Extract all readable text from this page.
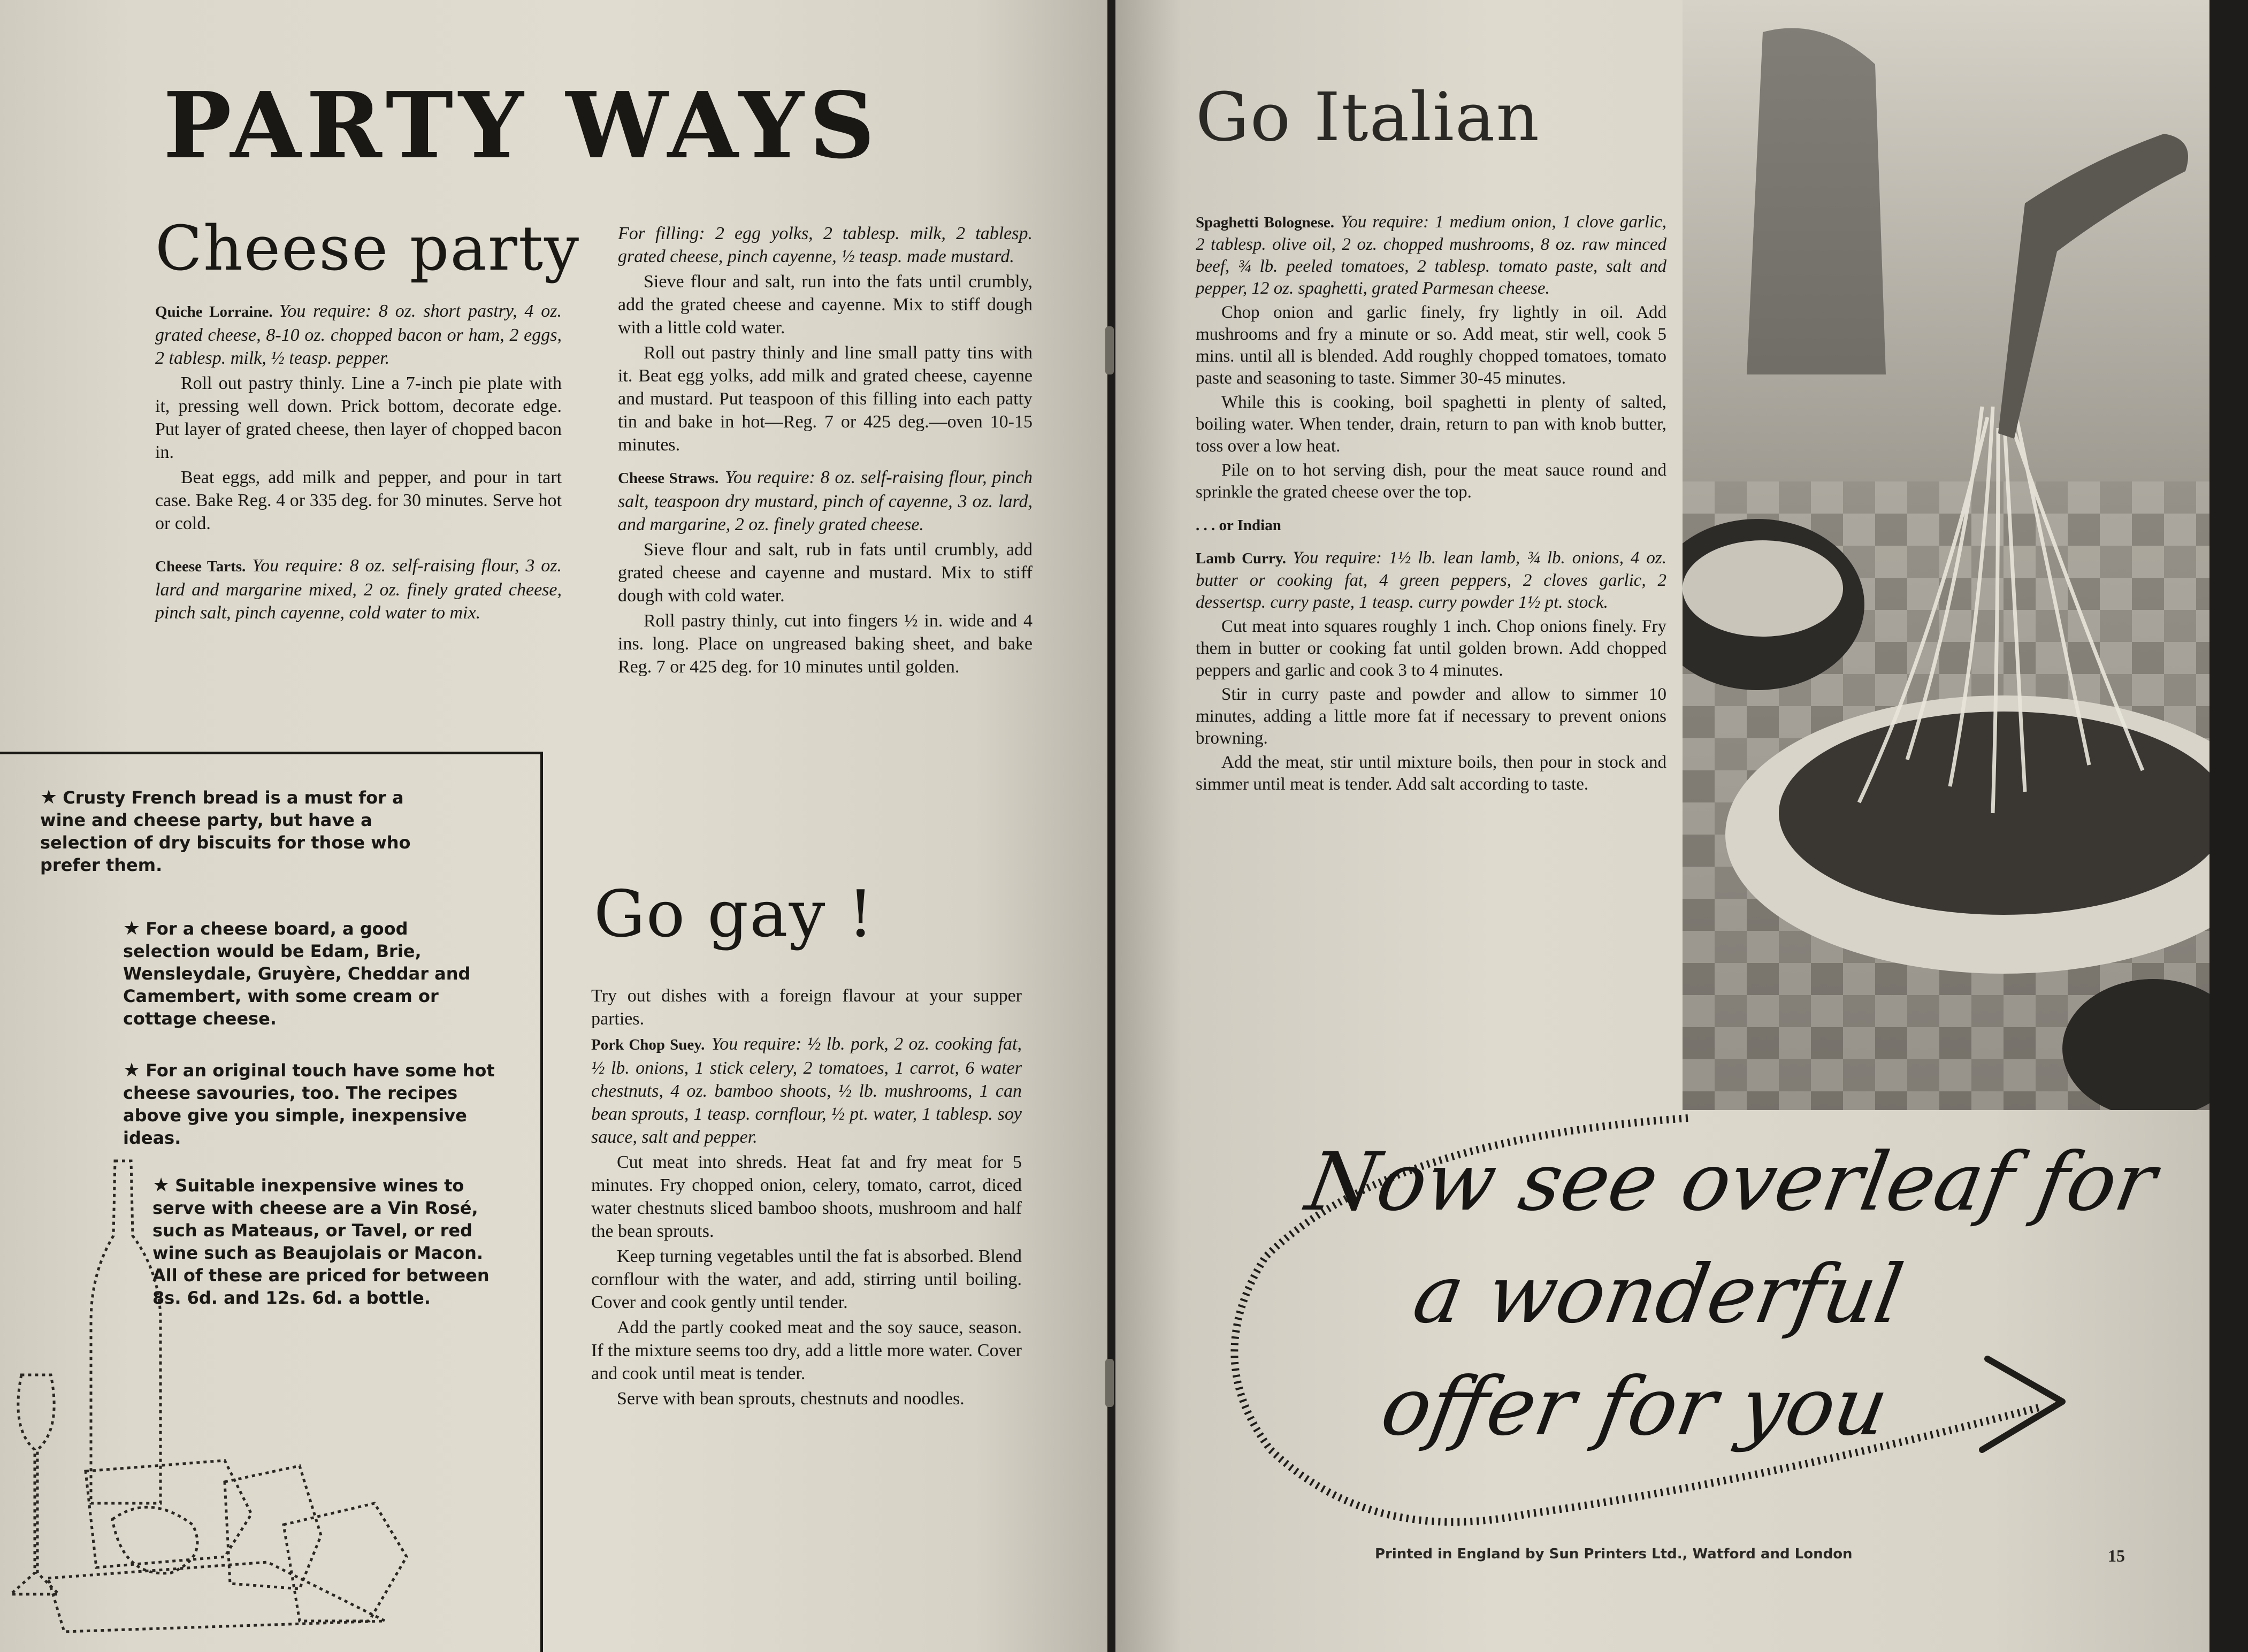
PARTY WAYS
Cheese party

Quiche Lorraine. You require: 8 oz. short pastry, 4 oz. grated cheese, 8-10 oz. chopped bacon or ham, 2 eggs, 2 tablesp. milk, ½ teasp. pepper.

Roll out pastry thinly. Line a 7-inch pie plate with it, pressing well down. Prick bottom, decorate edge. Put layer of grated cheese, then layer of chopped bacon in.

Beat eggs, add milk and pepper, and pour in tart case. Bake Reg. 4 or 335 deg. for 30 minutes. Serve hot or cold.

Cheese Tarts. You require: 8 oz. self-raising flour, 3 oz. lard and margarine mixed, 2 oz. finely grated cheese, pinch salt, pinch cayenne, cold water to mix.

For filling: 2 egg yolks, 2 tablesp. milk, 2 tablesp. grated cheese, pinch cayenne, ½ teasp. made mustard.

Sieve flour and salt, run into the fats until crumbly, add the grated cheese and cayenne. Mix to stiff dough with a little cold water.

Roll out pastry thinly and line small patty tins with it. Beat egg yolks, add milk and grated cheese, cayenne and mustard. Put teaspoon of this filling into each patty tin and bake in hot—Reg. 7 or 425 deg.—oven 10-15 minutes.

Cheese Straws. You require: 8 oz. self-raising flour, pinch salt, teaspoon dry mustard, pinch of cayenne, 3 oz. lard, and margarine, 2 oz. finely grated cheese.

Sieve flour and salt, rub in fats until crumbly, add grated cheese and cayenne and mustard. Mix to stiff dough with cold water.

Roll pastry thinly, cut into fingers ½ in. wide and 4 ins. long. Place on ungreased baking sheet, and bake Reg. 7 or 425 deg. for 10 minutes until golden.

Go gay !

Try out dishes with a foreign flavour at your supper parties.

Pork Chop Suey. You require: ½ lb. pork, 2 oz. cooking fat, ½ lb. onions, 1 stick celery, 2 tomatoes, 1 carrot, 6 water chestnuts, 4 oz. bamboo shoots, ½ lb. mushrooms, 1 can bean sprouts, 1 teasp. cornflour, ½ pt. water, 1 tablesp. soy sauce, salt and pepper.

Cut meat into shreds. Heat fat and fry meat for 5 minutes. Fry chopped onion, celery, tomato, carrot, diced water chestnuts sliced bamboo shoots, mushroom and half the bean sprouts.

Keep turning vegetables until the fat is absorbed. Blend cornflour with the water, and add, stirring until boiling. Cover and cook gently until tender.

Add the partly cooked meat and the soy sauce, season. If the mixture seems too dry, add a little more water. Cover and cook until meat is tender.

Serve with bean sprouts, chestnuts and noodles.

★ Crusty French bread is a must for a wine and cheese party, but have a selection of dry biscuits for those who prefer them.
★ For a cheese board, a good selection would be Edam, Brie, Wensleydale, Gruyère, Cheddar and Camembert, with some cream or cottage cheese.
★ For an original touch have some hot cheese savouries, too. The recipes above give you simple, inexpensive ideas.
★ Suitable inexpensive wines to serve with cheese are a Vin Rosé, such as Mateaus, or Tavel, or red wine such as Beaujolais or Macon. All of these are priced for between 8s. 6d. and 12s. 6d. a bottle.
Go Italian

Spaghetti Bolognese. You require: 1 medium onion, 1 clove garlic, 2 tablesp. olive oil, 2 oz. chopped mushrooms, 8 oz. raw minced beef, ¾ lb. peeled tomatoes, 2 tablesp. tomato paste, salt and pepper, 12 oz. spaghetti, grated Parmesan cheese.

Chop onion and garlic finely, fry lightly in oil. Add mushrooms and fry a minute or so. Add meat, stir well, cook 5 mins. until all is blended. Add roughly chopped tomatoes, tomato paste and seasoning to taste. Simmer 30-45 minutes.

While this is cooking, boil spaghetti in plenty of salted, boiling water. When tender, drain, return to pan with knob butter, toss over a low heat.

Pile on to hot serving dish, pour the meat sauce round and sprinkle the grated cheese over the top.

. . . or Indian

Lamb Curry. You require: 1½ lb. lean lamb, ¾ lb. onions, 4 oz. butter or cooking fat, 4 green peppers, 2 cloves garlic, 2 dessertsp. curry paste, 1 teasp. curry powder 1½ pt. stock.

Cut meat into squares roughly 1 inch. Chop onions finely. Fry them in butter or cooking fat until golden brown. Add chopped peppers and garlic and cook 3 to 4 minutes.

Stir in curry paste and powder and allow to simmer 10 minutes, adding a little more fat if necessary to prevent onions browning.

Add the meat, stir until mixture boils, then pour in stock and simmer until meat is tender. Add salt according to taste.

Now see overleaf for
a wonderful
offer for you
Printed in England by Sun Printers Ltd., Watford and London	15
